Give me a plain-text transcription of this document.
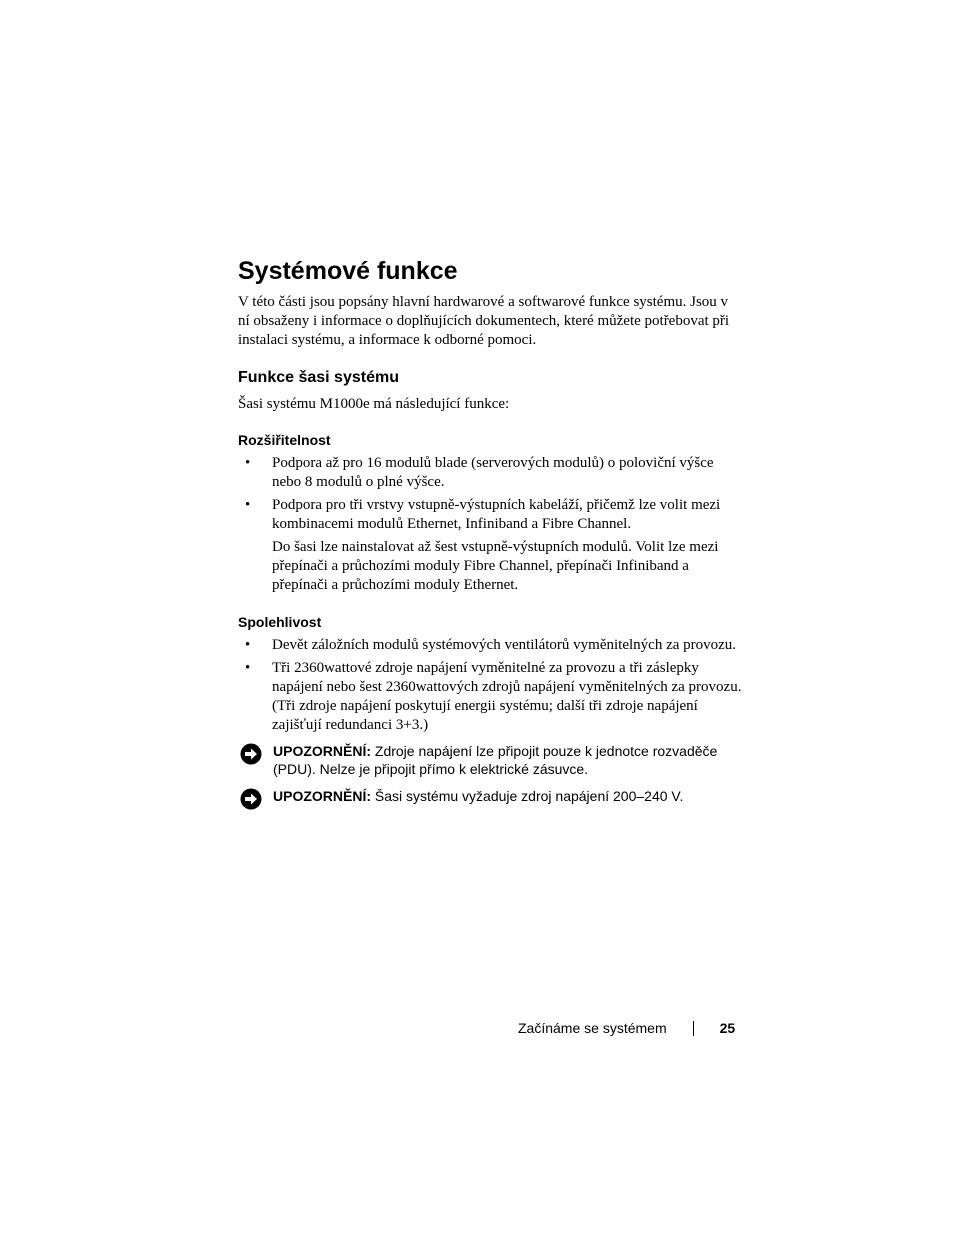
Systémové funkce

V této části jsou popsány hlavní hardwarové a softwarové funkce systému. Jsou v ní obsaženy i informace o doplňujících dokumentech, které můžete potřebovat při instalaci systému, a informace k odborné pomoci.

Funkce šasi systému

Šasi systému M1000e má následující funkce:

Rozšiřitelnost
•	Podpora až pro 16 modulů blade (serverových modulů) o poloviční výšce nebo 8 modulů o plné výšce.
•	Podpora pro tři vrstvy vstupně-výstupních kabeláží, přičemž lze volit mezi kombinacemi modulů Ethernet, Infiniband a Fibre Channel.

Do šasi lze nainstalovat až šest vstupně-výstupních modulů. Volit lze mezi přepínači a průchozími moduly Fibre Channel, přepínači Infiniband a přepínači a průchozími moduly Ethernet.

Spolehlivost
•	Devět záložních modulů systémových ventilátorů vyměnitelných za provozu.
•	Tři 2360wattové zdroje napájení vyměnitelné za provozu a tři záslepky napájení nebo šest 2360wattových zdrojů napájení vyměnitelných za provozu. (Tři zdroje napájení poskytují energii systému; další tři zdroje napájení zajišťují redundanci 3+3.)
UPOZORNĚNÍ: Zdroje napájení lze připojit pouze k jednotce rozvaděče (PDU). Nelze je připojit přímo k elektrické zásuvce.
UPOZORNĚNÍ: Šasi systému vyžaduje zdroj napájení 200–240 V.
Začínáme se systémem	25
